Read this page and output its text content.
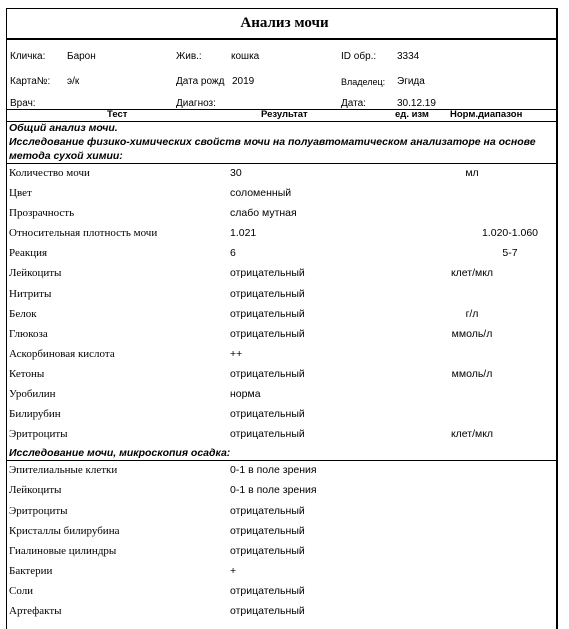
Анализ мочи
Кличка: Барон	Жив.:	кошка	ID обр.: 3334
Карта№: э/к	Дата рожд 2019	Владелец: Эгида
Врач:	Диагноз:	Дата:	30.12.19
Тест	Результат	ед. изм Норм.диапазон
Общий анализ мочи.
Исследование физико-химических свойств мочи на полуавтоматическом анализаторе на основе метода сухой химии:
Количество мочи	30	мл
Цвет	соломенный
Прозрачность	слабо мутная
Относительная плотность мочи	1.021	1.020-1.060
Реакция	6	5-7
Лейкоциты	отрицательный	клет/мкл
Нитриты	отрицательный
Белок	отрицательный	г/л
Глюкоза	отрицательный	ммоль/л
Аскорбиновая кислота	++
Кетоны	отрицательный	ммоль/л
Уробилин	норма
Билирубин	отрицательный
Эритроциты	отрицательный	клет/мкл
Исследование мочи, микроскопия осадка:
Эпителиальные клетки	0-1 в поле зрения
Лейкоциты	0-1 в поле зрения
Эритроциты	отрицательный
Кристаллы билирубина	отрицательный
Гиалиновые цилиндры	отрицательный
Бактерии	+
Соли	отрицательный
Артефакты	отрицательный
